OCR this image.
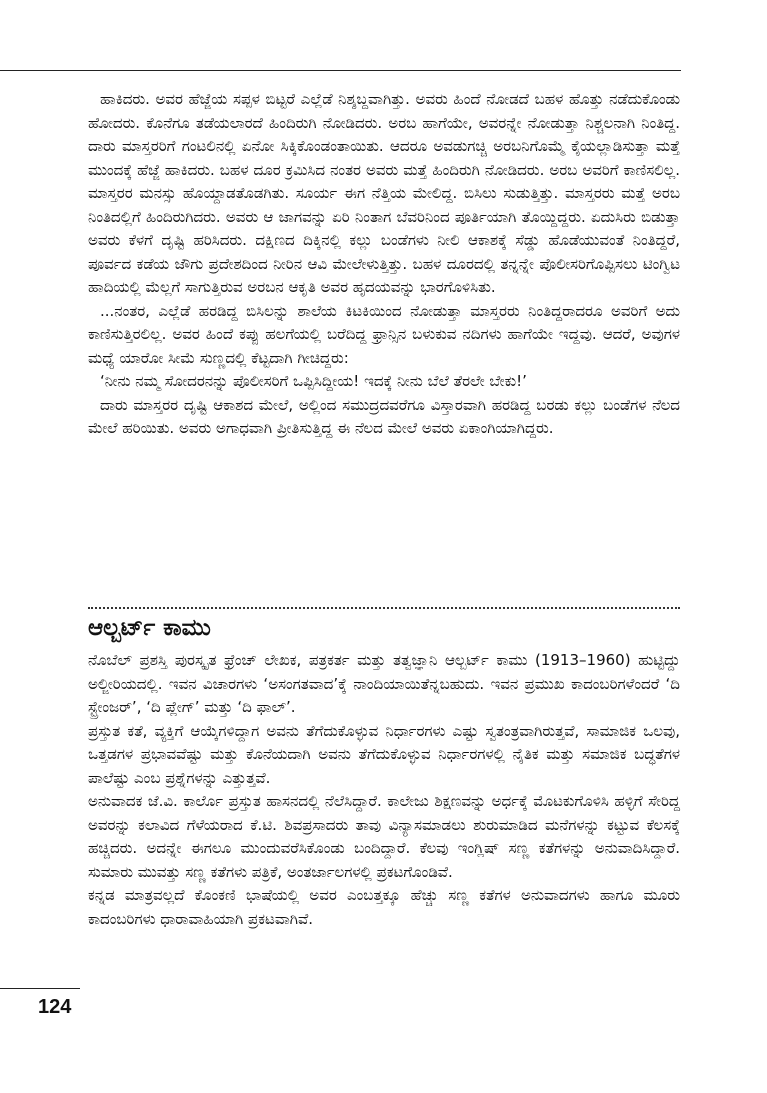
ಹಾಕಿದರು. ಅವರ ಹೆಜ್ಜೆಯ ಸಪ್ಪಳ ಬಿಟ್ಟರೆ ಎಲ್ಲೆಡೆ ನಿಶ್ಶಬ್ದವಾಗಿತ್ತು. ಅವರು ಹಿಂದೆ ನೋಡದೆ ಬಹಳ ಹೊತ್ತು ನಡೆದುಕೊಂಡು ಹೋದರು. ಕೊನೆಗೂ ತಡೆಯಲಾರದೆ ಹಿಂದಿರುಗಿ ನೋಡಿದರು. ಅರಬ ಹಾಗೆಯೇ, ಅವರನ್ನೇ ನೋಡುತ್ತಾ ನಿಶ್ಚಲನಾಗಿ ನಿಂತಿದ್ದ. ದಾರು ಮಾಸ್ತರರಿಗೆ ಗಂಟಲಿನಲ್ಲಿ ಏನೋ ಸಿಕ್ಕಿಕೊಂಡಂತಾಯಿತು. ಆದರೂ ಅವಡುಗಚ್ಚಿ ಅರಬನಿಗೊಮ್ಮೆ ಕೈಯಲ್ಲಾಡಿಸುತ್ತಾ ಮತ್ತೆ ಮುಂದಕ್ಕೆ ಹೆಜ್ಜೆ ಹಾಕಿದರು. ಬಹಳ ದೂರ ಕ್ರಮಿಸಿದ ನಂತರ ಅವರು ಮತ್ತೆ ಹಿಂದಿರುಗಿ ನೋಡಿದರು. ಅರಬ ಅವರಿಗೆ ಕಾಣಿಸಲಿಲ್ಲ. ಮಾಸ್ತರರ ಮನಸ್ಸು ಹೊಯ್ದಾಡತೊಡಗಿತು. ಸೂರ್ಯ ಈಗ ನೆತ್ತಿಯ ಮೇಲಿದ್ದ. ಬಿಸಿಲು ಸುಡುತ್ತಿತ್ತು. ಮಾಸ್ತರರು ಮತ್ತೆ ಅರಬ ನಿಂತಿದಲ್ಲಿಗೆ ಹಿಂದಿರುಗಿದರು. ಅವರು ಆ ಜಾಗವನ್ನು ಏರಿ ನಿಂತಾಗ ಬೆವರಿನಿಂದ ಪೂರ್ತಿಯಾಗಿ ತೊಯ್ದಿದ್ದರು. ಏದುಸಿರು ಬಿಡುತ್ತಾ ಅವರು ಕೆಳಗೆ ದೃಷ್ಟಿ ಹರಿಸಿದರು. ದಕ್ಷಿಣದ ದಿಕ್ಕಿನಲ್ಲಿ ಕಲ್ಲು ಬಂಡೆಗಳು ನೀಲಿ ಆಕಾಶಕ್ಕೆ ಸೆಡ್ಡು ಹೊಡೆಯುವಂತೆ ನಿಂತಿದ್ದರೆ, ಪೂರ್ವದ ಕಡೆಯ ಜೌಗು ಪ್ರದೇಶದಿಂದ ನೀರಿನ ಆವಿ ಮೇಲೇಳುತ್ತಿತ್ತು. ಬಹಳ ದೂರದಲ್ಲಿ ತನ್ನನ್ನೇ ಪೊಲೀಸರಿಗೊಪ್ಪಿಸಲು ಟಿಂಗ್ವಿಟ ಹಾದಿಯಲ್ಲಿ ಮೆಲ್ಲಗೆ ಸಾಗುತ್ತಿರುವ ಅರಬನ ಆಕೃತಿ ಅವರ ಹೃದಯವನ್ನು ಭಾರಗೊಳಿಸಿತು.

...ನಂತರ, ಎಲ್ಲೆಡೆ ಹರಡಿದ್ದ ಬಿಸಿಲನ್ನು ಶಾಲೆಯ ಕಿಟಕಿಯಿಂದ ನೋಡುತ್ತಾ ಮಾಸ್ತರರು ನಿಂತಿದ್ದರಾದರೂ ಅವರಿಗೆ ಅದು ಕಾಣಿಸುತ್ತಿರಲಿಲ್ಲ. ಅವರ ಹಿಂದೆ ಕಪ್ಪು ಹಲಗೆಯಲ್ಲಿ ಬರೆದಿದ್ದ ಫ್ರಾನ್ಸಿನ ಬಳುಕುವ ನದಿಗಳು ಹಾಗೆಯೇ ಇದ್ದವು. ಆದರೆ, ಅವುಗಳ ಮಧ್ಯೆ ಯಾರೋ ಸೀಮೆ ಸುಣ್ಣದಲ್ಲಿ ಕೆಟ್ಟದಾಗಿ ಗೀಚಿದ್ದರು:

‘ನೀನು ನಮ್ಮ ಸೋದರನನ್ನು ಪೊಲೀಸರಿಗೆ ಒಪ್ಪಿಸಿದ್ದೀಯ! ಇದಕ್ಕೆ ನೀನು ಬೆಲೆ ತೆರಲೇ ಬೇಕು!’

ದಾರು ಮಾಸ್ತರರ ದೃಷ್ಟಿ ಆಕಾಶದ ಮೇಲೆ, ಅಲ್ಲಿಂದ ಸಮುದ್ರದವರೆಗೂ ವಿಸ್ತಾರವಾಗಿ ಹರಡಿದ್ದ ಬರಡು ಕಲ್ಲು ಬಂಡೆಗಳ ನೆಲದ ಮೇಲೆ ಹರಿಯಿತು. ಅವರು ಅಗಾಧವಾಗಿ ಪ್ರೀತಿಸುತ್ತಿದ್ದ ಈ ನೆಲದ ಮೇಲೆ ಅವರು ಏಕಾಂಗಿಯಾಗಿದ್ದರು.

ಆಲ್ಬರ್ಟ್ ಕಾಮು

ನೊಬೆಲ್ ಪ್ರಶಸ್ತಿ ಪುರಸ್ಕೃತ ಫ್ರೆಂಚ್ ಲೇಖಕ, ಪತ್ರಕರ್ತ ಮತ್ತು ತತ್ವಜ್ಞಾನಿ ಆಲ್ಬರ್ಟ್ ಕಾಮು (1913–1960) ಹುಟ್ಟಿದ್ದು ಅಲ್ಜೀರಿಯದಲ್ಲಿ. ಇವನ ವಿಚಾರಗಳು ‘ಅಸಂಗತವಾದ’ಕ್ಕೆ ನಾಂದಿಯಾಯಿತೆನ್ನಬಹುದು. ಇವನ ಪ್ರಮುಖ ಕಾದಂಬರಿಗಳೆಂದರೆ ‘ದಿ ಸ್ಟ್ರೇಂಜರ್’, ‘ದಿ ಪ್ಲೇಗ್’ ಮತ್ತು ‘ದಿ ಫಾಲ್’.

ಪ್ರಸ್ತುತ ಕತೆ, ವ್ಯಕ್ತಿಗೆ ಆಯ್ಕೆಗಳಿದ್ದಾಗ ಅವನು ತೆಗೆದುಕೊಳ್ಳುವ ನಿರ್ಧಾರಗಳು ಎಷ್ಟು ಸ್ವತಂತ್ರವಾಗಿರುತ್ತವೆ, ಸಾಮಾಜಿಕ ಒಲವು, ಒತ್ತಡಗಳ ಪ್ರಭಾವವೆಷ್ಟು ಮತ್ತು ಕೊನೆಯದಾಗಿ ಅವನು ತೆಗೆದುಕೊಳ್ಳುವ ನಿರ್ಧಾರಗಳಲ್ಲಿ ನೈತಿಕ ಮತ್ತು ಸಮಾಜಿಕ ಬದ್ಧತೆಗಳ ಪಾಲೆಷ್ಟು ಎಂಬ ಪ್ರಶ್ನೆಗಳನ್ನು ಎತ್ತುತ್ತವೆ.

ಅನುವಾದಕ ಜೆ.ವಿ. ಕಾರ್ಲೊ ಪ್ರಸ್ತುತ ಹಾಸನದಲ್ಲಿ ನೆಲೆಸಿದ್ದಾರೆ. ಕಾಲೇಜು ಶಿಕ್ಷಣವನ್ನು ಅರ್ಧಕ್ಕೆ ಮೊಟಕುಗೊಳಿಸಿ ಹಳ್ಳಿಗೆ ಸೇರಿದ್ದ ಅವರನ್ನು ಕಲಾವಿದ ಗೆಳೆಯರಾದ ಕೆ.ಟಿ. ಶಿವಪ್ರಸಾದರು ತಾವು ವಿನ್ಯಾಸಮಾಡಲು ಶುರುಮಾಡಿದ ಮನೆಗಳನ್ನು ಕಟ್ಟುವ ಕೆಲಸಕ್ಕೆ ಹಚ್ಚಿದರು. ಅದನ್ನೇ ಈಗಲೂ ಮುಂದುವರೆಸಿಕೊಂಡು ಬಂದಿದ್ದಾರೆ. ಕೆಲವು ಇಂಗ್ಲಿಷ್ ಸಣ್ಣ ಕತೆಗಳನ್ನು ಅನುವಾದಿಸಿದ್ದಾರೆ. ಸುಮಾರು ಮುವತ್ತು ಸಣ್ಣ ಕತೆಗಳು ಪತ್ರಿಕೆ, ಅಂತರ್ಜಾಲಗಳಲ್ಲಿ ಪ್ರಕಟಗೊಂಡಿವೆ.

ಕನ್ನಡ ಮಾತ್ರವಲ್ಲದೆ ಕೊಂಕಣಿ ಭಾಷೆಯಲ್ಲಿ ಅವರ ಎಂಬತ್ತಕ್ಕೂ ಹೆಚ್ಚು ಸಣ್ಣ ಕತೆಗಳ ಅನುವಾದಗಳು ಹಾಗೂ ಮೂರು ಕಾದಂಬರಿಗಳು ಧಾರಾವಾಹಿಯಾಗಿ ಪ್ರಕಟವಾಗಿವೆ.

124
